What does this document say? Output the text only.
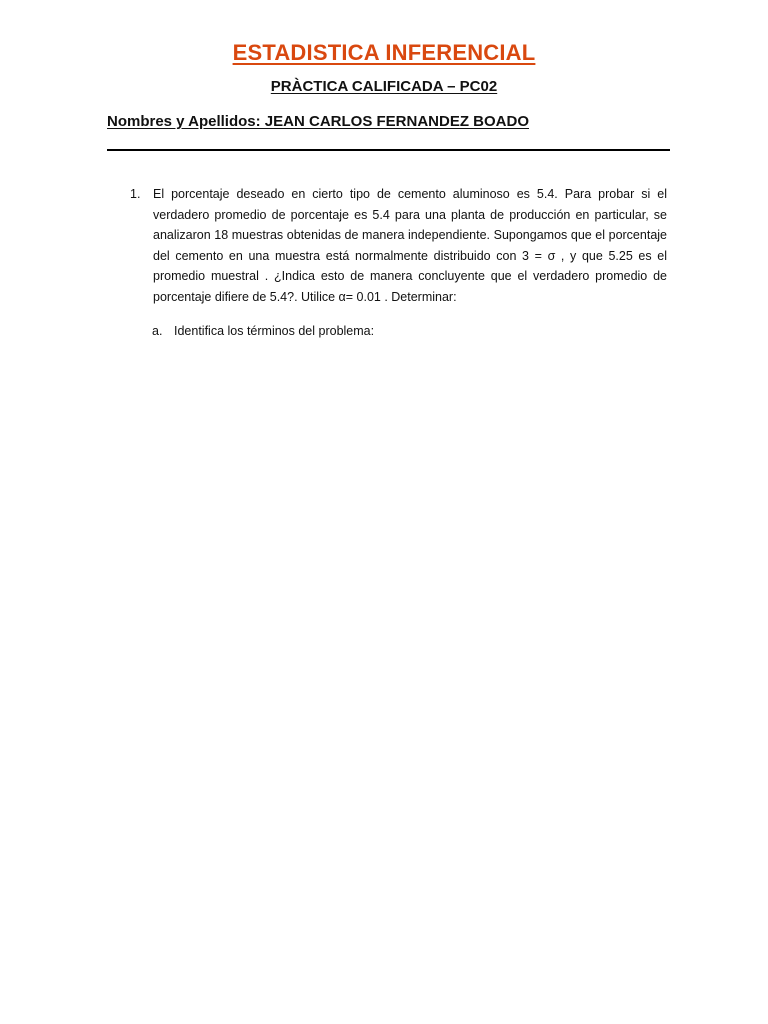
ESTADISTICA INFERENCIAL
PRÀCTICA CALIFICADA – PC02
Nombres y Apellidos: JEAN CARLOS FERNANDEZ BOADO
1. El porcentaje deseado en cierto tipo de cemento aluminoso es 5.4. Para probar si el
verdadero promedio de porcentaje es 5.4 para una planta de producción en particular, se
analizaron 18 muestras obtenidas de manera independiente. Supongamos que el porcentaje
del cemento en una muestra está normalmente distribuido con 3 = σ , y que 5.25 es el
promedio muestral . ¿Indica esto de manera concluyente que el verdadero promedio de
porcentaje difiere de 5.4?. Utilice α= 0.01 . Determinar:
a. Identifica los términos del problema:
